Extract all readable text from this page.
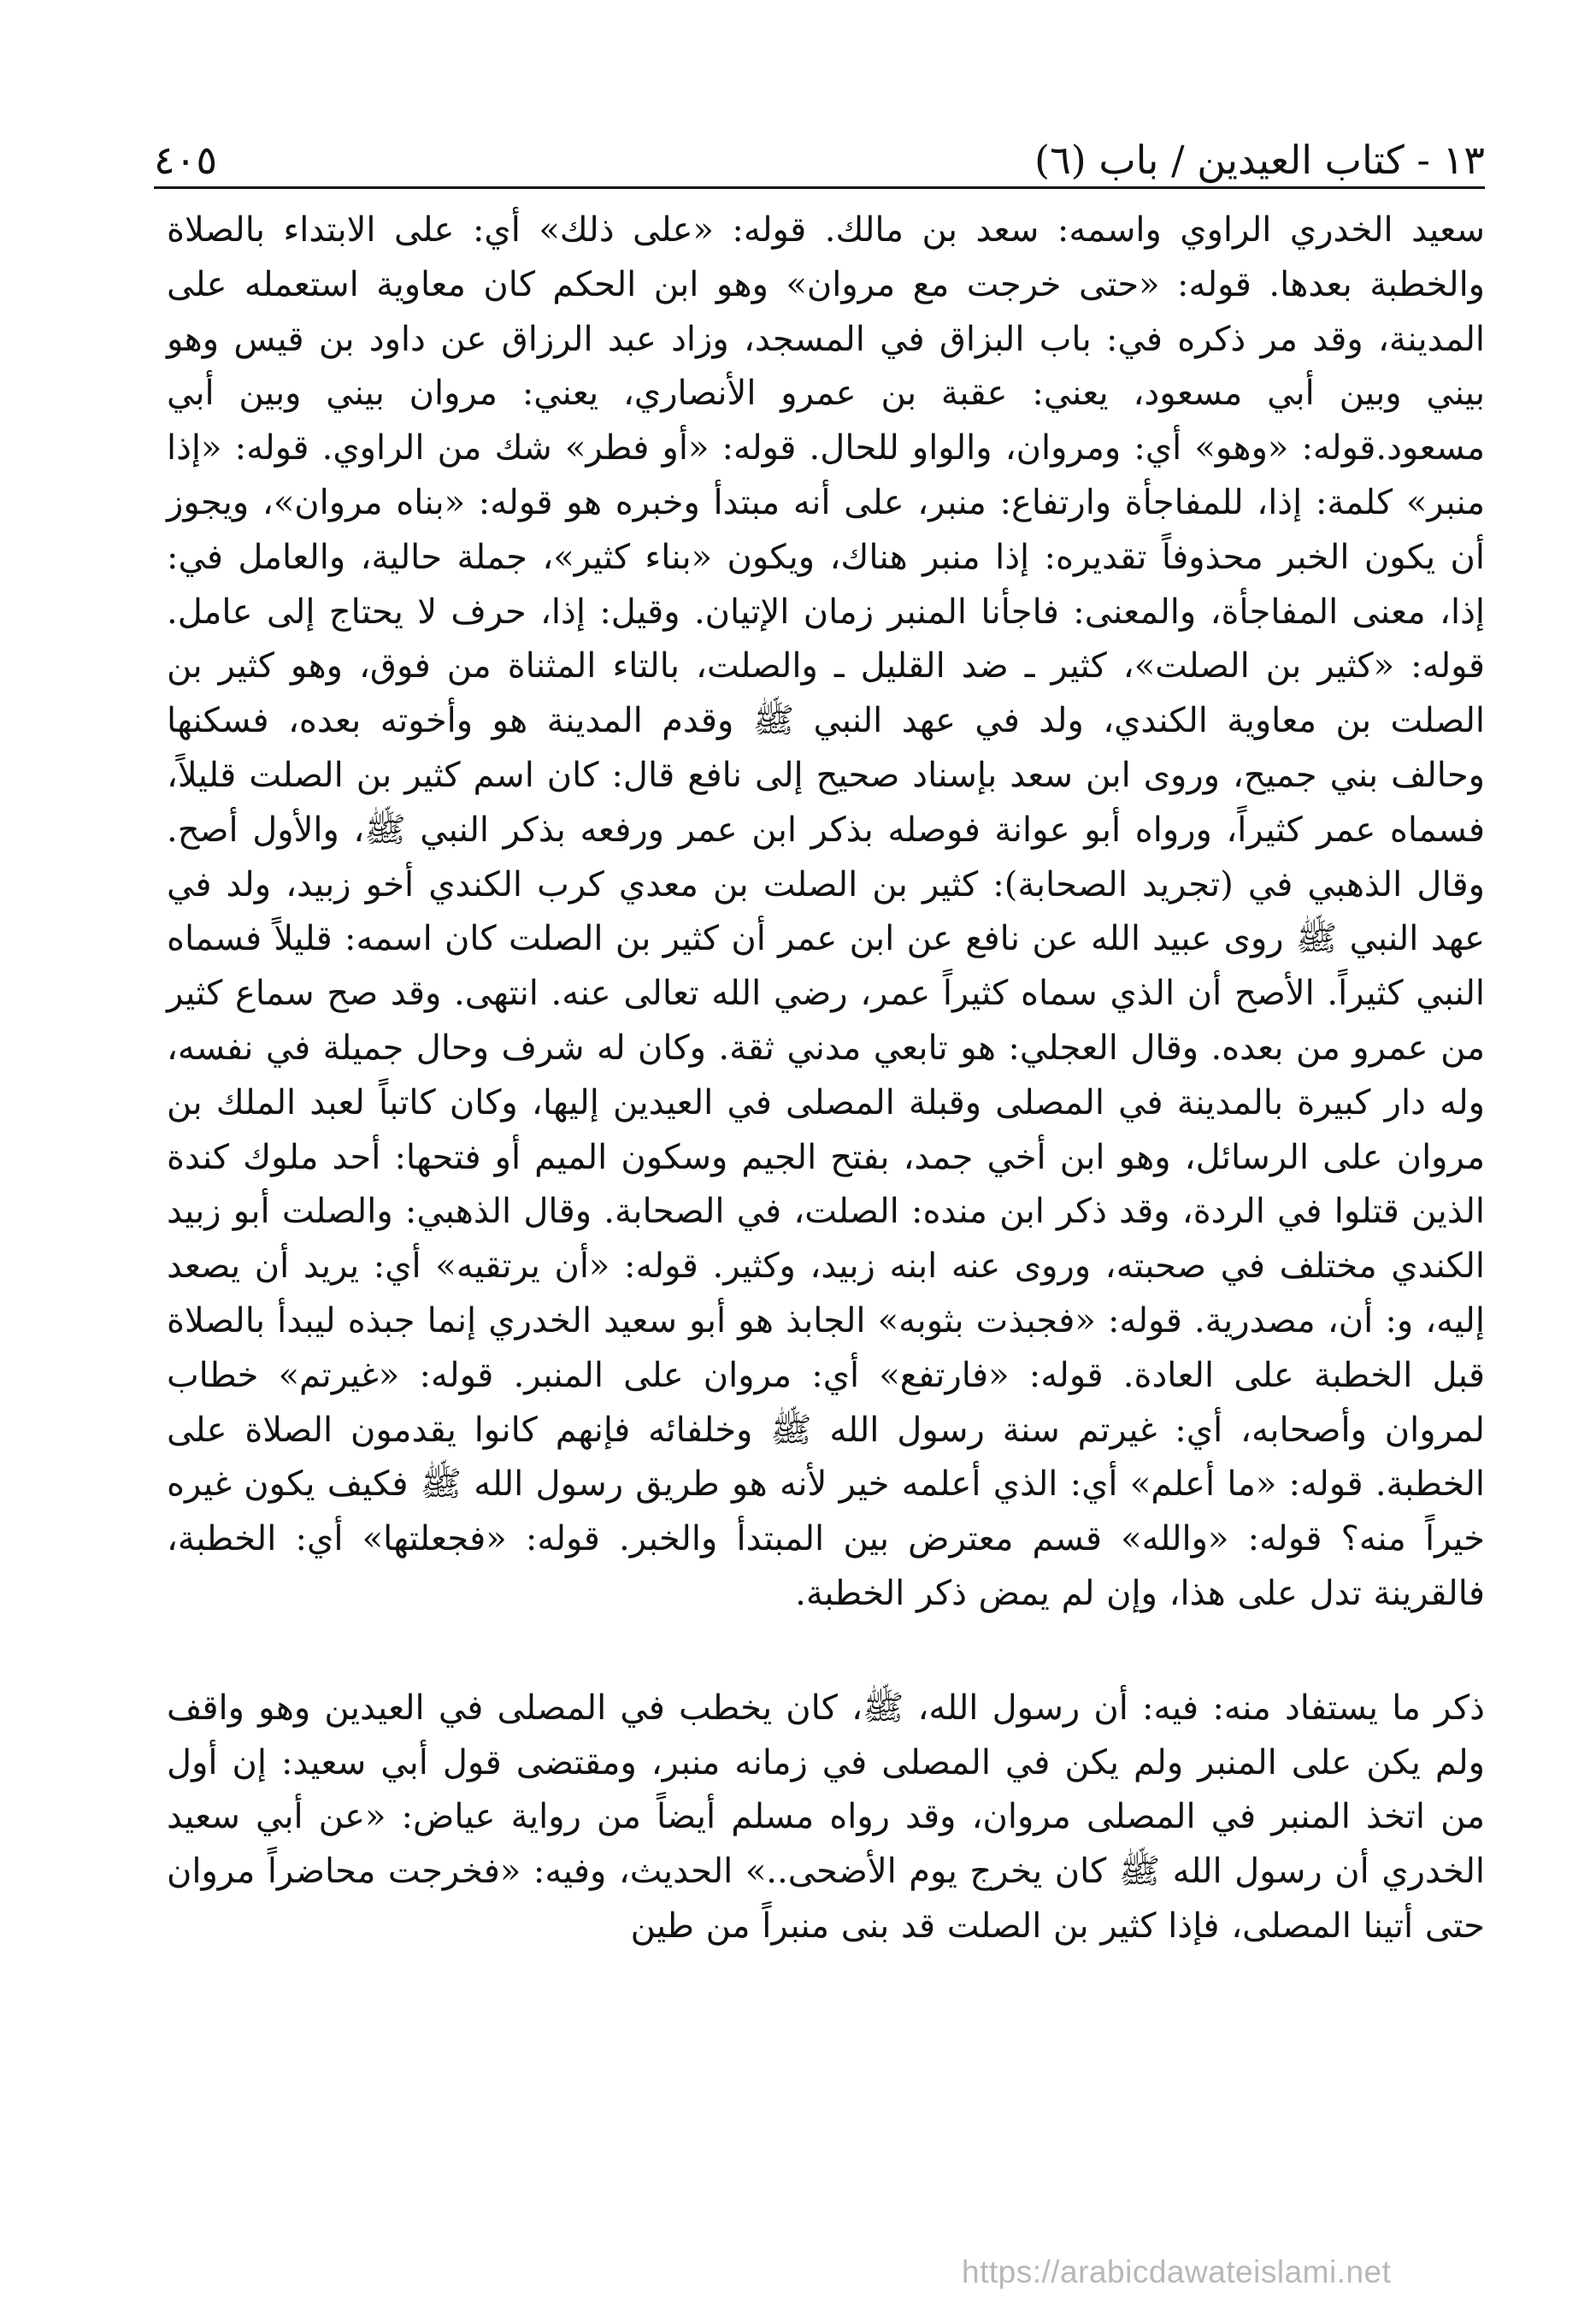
١٣ - كتاب العيدين / باب (٦)
٤٠٥

سعيد الخدري الراوي واسمه: سعد بن مالك. قوله: «على ذلك» أي: على الابتداء بالصلاة والخطبة بعدها. قوله: «حتى خرجت مع مروان» وهو ابن الحكم كان معاوية استعمله على المدينة، وقد مر ذكره في: باب البزاق في المسجد، وزاد عبد الرزاق عن داود بن قيس وهو بيني وبين أبي مسعود، يعني: عقبة بن عمرو الأنصاري، يعني: مروان بيني وبين أبي مسعود.قوله: «وهو» أي: ومروان، والواو للحال. قوله: «أو فطر» شك من الراوي. قوله: «إذا منبر» كلمة: إذا، للمفاجأة وارتفاع: منبر، على أنه مبتدأ وخبره هو قوله: «بناه مروان»، ويجوز أن يكون الخبر محذوفاً تقديره: إذا منبر هناك، ويكون «بناء كثير»، جملة حالية، والعامل في: إذا، معنى المفاجأة، والمعنى: فاجأنا المنبر زمان الإتيان. وقيل: إذا، حرف لا يحتاج إلى عامل. قوله: «كثير بن الصلت»، كثير ـ ضد القليل ـ والصلت، بالتاء المثناة من فوق، وهو كثير بن الصلت بن معاوية الكندي، ولد في عهد النبي ﷺ وقدم المدينة هو وأخوته بعده، فسكنها وحالف بني جميح، وروى ابن سعد بإسناد صحيح إلى نافع قال: كان اسم كثير بن الصلت قليلاً، فسماه عمر كثيراً، ورواه أبو عوانة فوصله بذكر ابن عمر ورفعه بذكر النبي ﷺ، والأول أصح. وقال الذهبي في (تجريد الصحابة): كثير بن الصلت بن معدي كرب الكندي أخو زبيد، ولد في عهد النبي ﷺ روى عبيد الله عن نافع عن ابن عمر أن كثير بن الصلت كان اسمه: قليلاً فسماه النبي كثيراً. الأصح أن الذي سماه كثيراً عمر، رضي الله تعالى عنه. انتهى. وقد صح سماع كثير من عمرو من بعده. وقال العجلي: هو تابعي مدني ثقة. وكان له شرف وحال جميلة في نفسه، وله دار كبيرة بالمدينة في المصلى وقبلة المصلى في العيدين إليها، وكان كاتباً لعبد الملك بن مروان على الرسائل، وهو ابن أخي جمد، بفتح الجيم وسكون الميم أو فتحها: أحد ملوك كندة الذين قتلوا في الردة، وقد ذكر ابن منده: الصلت، في الصحابة. وقال الذهبي: والصلت أبو زبيد الكندي مختلف في صحبته، وروى عنه ابنه زبيد، وكثير. قوله: «أن يرتقيه» أي: يريد أن يصعد إليه، و: أن، مصدرية. قوله: «فجبذت بثوبه» الجابذ هو أبو سعيد الخدري إنما جبذه ليبدأ بالصلاة قبل الخطبة على العادة. قوله: «فارتفع» أي: مروان على المنبر. قوله: «غيرتم» خطاب لمروان وأصحابه، أي: غيرتم سنة رسول الله ﷺ وخلفائه فإنهم كانوا يقدمون الصلاة على الخطبة. قوله: «ما أعلم» أي: الذي أعلمه خير لأنه هو طريق رسول الله ﷺ فكيف يكون غيره خيراً منه؟ قوله: «والله» قسم معترض بين المبتدأ والخبر. قوله: «فجعلتها» أي: الخطبة، فالقرينة تدل على هذا، وإن لم يمض ذكر الخطبة.

ذكر ما يستفاد منه: فيه: أن رسول الله، ﷺ، كان يخطب في المصلى في العيدين وهو واقف ولم يكن على المنبر ولم يكن في المصلى في زمانه منبر، ومقتضى قول أبي سعيد: إن أول من اتخذ المنبر في المصلى مروان، وقد رواه مسلم أيضاً من رواية عياض: «عن أبي سعيد الخدري أن رسول الله ﷺ كان يخرج يوم الأضحى..» الحديث، وفيه: «فخرجت محاضراً مروان حتى أتينا المصلى، فإذا كثير بن الصلت قد بنى منبراً من طين

https://arabicdawateislami.net
